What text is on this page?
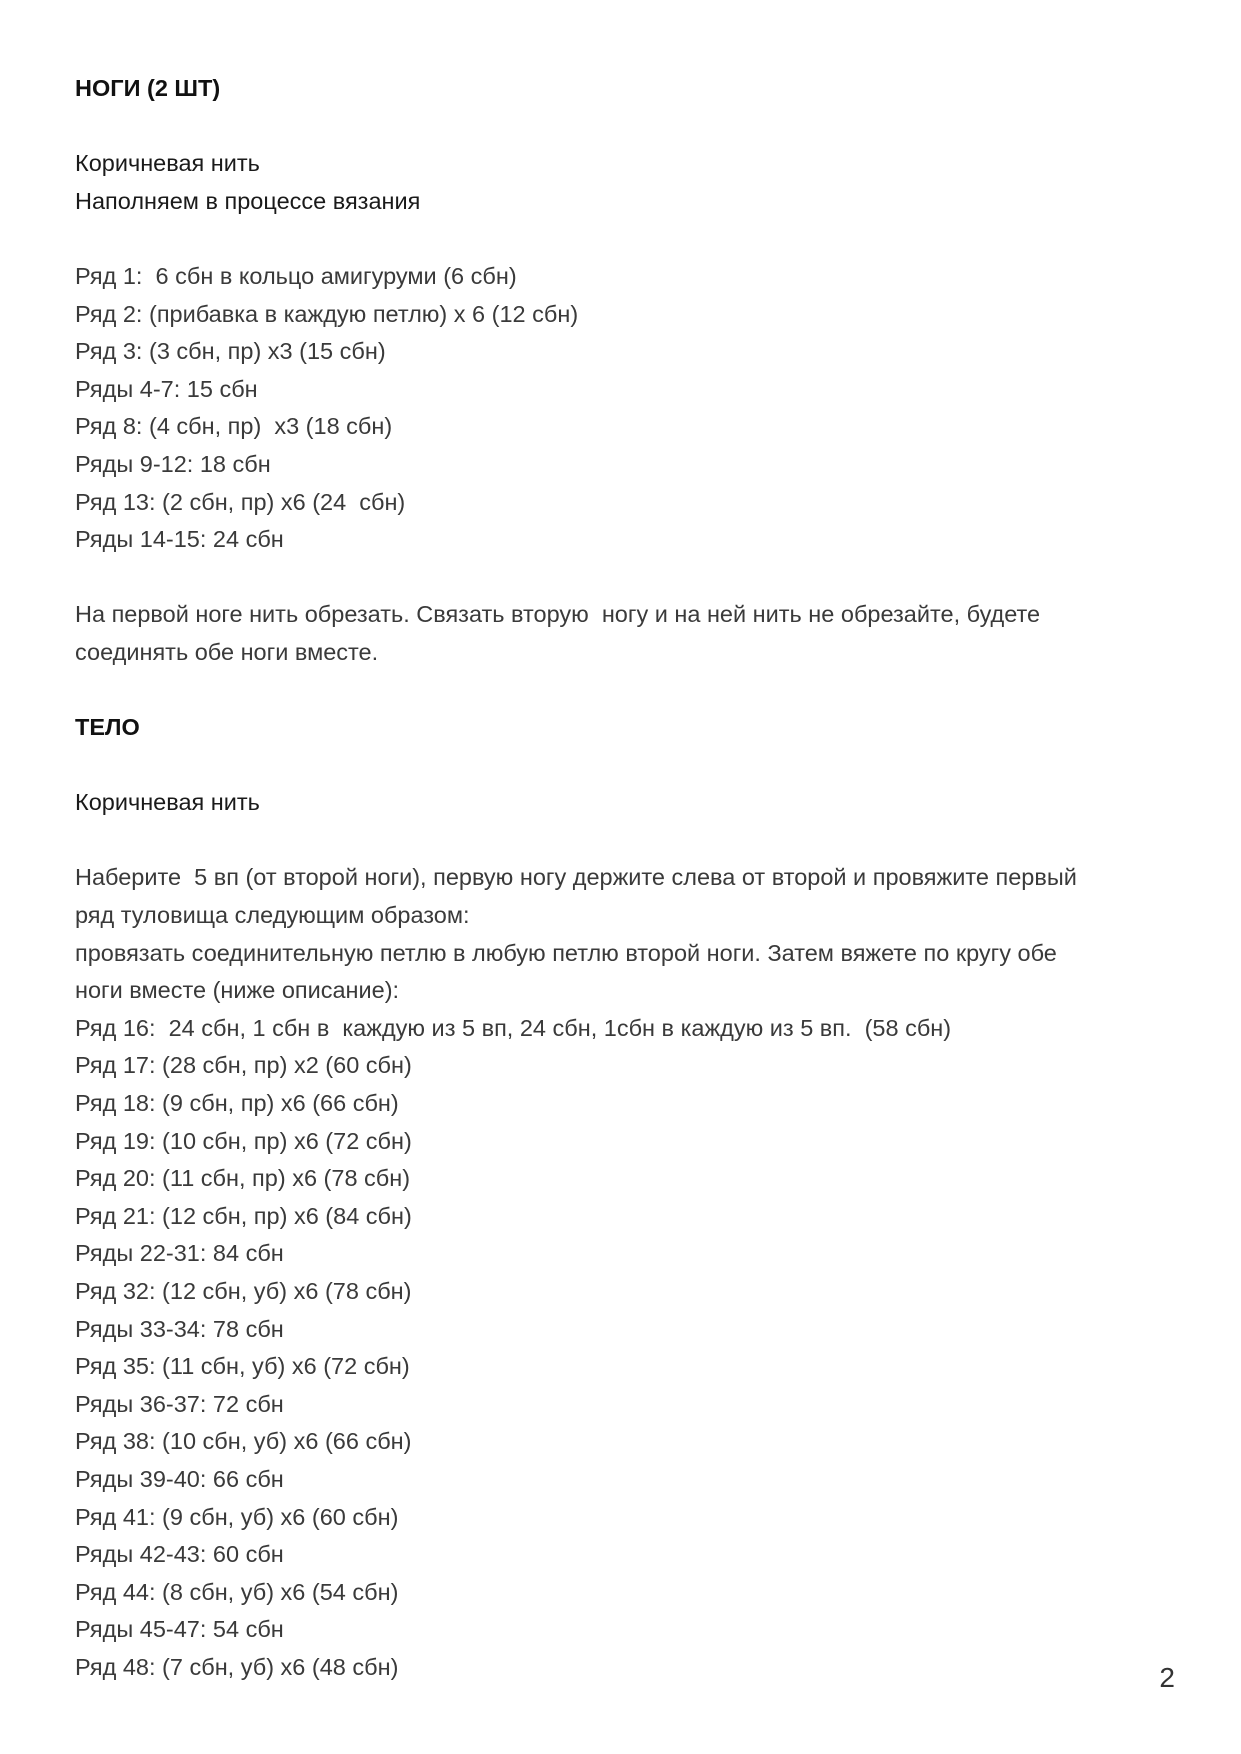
НОГИ (2 ШТ)

Коричневая нить

Наполняем в процессе вязания

Ряд 1:  6 сбн в кольцо амигуруми (6 сбн)

Ряд 2: (прибавка в каждую петлю) х 6 (12 сбн)

Ряд 3: (3 сбн, пр) х3 (15 сбн)

Ряды 4-7: 15 сбн

Ряд 8: (4 сбн, пр)  х3 (18 сбн)

Ряды 9-12: 18 сбн

Ряд 13: (2 сбн, пр) х6 (24  сбн)

Ряды 14-15: 24 сбн

На первой ноге нить обрезать. Связать вторую  ногу и на ней нить не обрезайте, будете

соединять обе ноги вместе.

ТЕЛО

Коричневая нить

Наберите  5 вп (от второй ноги), первую ногу держите слева от второй и провяжите первый

ряд туловища следующим образом:

провязать соединительную петлю в любую петлю второй ноги. Затем вяжете по кругу обе

ноги вместе (ниже описание):

Ряд 16:  24 сбн, 1 сбн в  каждую из 5 вп, 24 сбн, 1сбн в каждую из 5 вп.  (58 сбн)

Ряд 17: (28 сбн, пр) х2 (60 сбн)

Ряд 18: (9 сбн, пр) х6 (66 сбн)

Ряд 19: (10 сбн, пр) х6 (72 сбн)

Ряд 20: (11 сбн, пр) х6 (78 сбн)

Ряд 21: (12 сбн, пр) х6 (84 сбн)

Ряды 22-31: 84 сбн

Ряд 32: (12 сбн, уб) х6 (78 сбн)

Ряды 33-34: 78 сбн

Ряд 35: (11 сбн, уб) х6 (72 сбн)

Ряды 36-37: 72 сбн

Ряд 38: (10 сбн, уб) х6 (66 сбн)

Ряды 39-40: 66 сбн

Ряд 41: (9 сбн, уб) х6 (60 сбн)

Ряды 42-43: 60 сбн

Ряд 44: (8 сбн, уб) х6 (54 сбн)

Ряды 45-47: 54 сбн

Ряд 48: (7 сбн, уб) х6 (48 сбн)	2
